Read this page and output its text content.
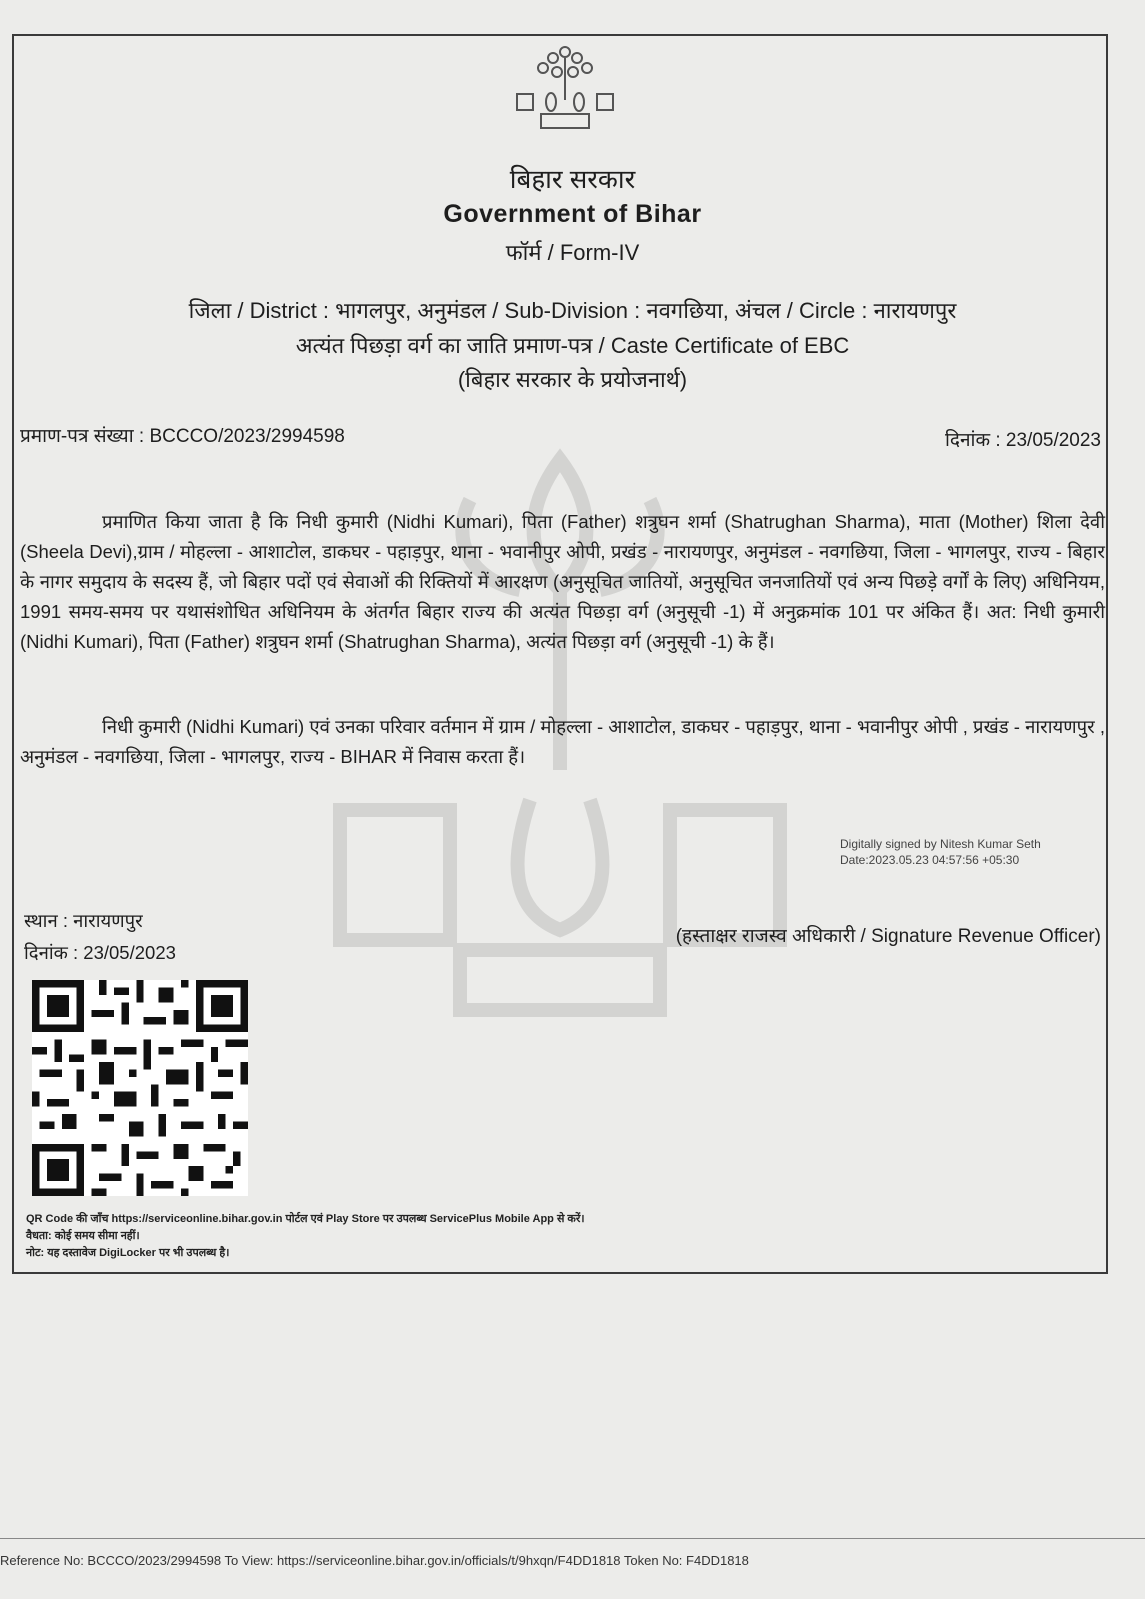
बिहार सरकार
Government of Bihar
फॉर्म / Form-IV
जिला / District : भागलपुर, अनुमंडल / Sub-Division : नवगछिया, अंचल / Circle : नारायणपुर
अत्यंत पिछड़ा वर्ग का जाति प्रमाण-पत्र / Caste Certificate of EBC
(बिहार सरकार के प्रयोजनार्थ)
प्रमाण-पत्र संख्या : BCCCO/2023/2994598	दिनांक : 23/05/2023
प्रमाणित किया जाता है कि निधी कुमारी (Nidhi Kumari), पिता (Father) शत्रुघन शर्मा (Shatrughan Sharma), माता (Mother) शिला देवी (Sheela Devi),ग्राम / मोहल्ला - आशाटोल, डाकघर - पहाड़पुर, थाना - भवानीपुर ओपी, प्रखंड - नारायणपुर, अनुमंडल - नवगछिया, जिला - भागलपुर, राज्य - बिहार के नागर समुदाय के सदस्य हैं, जो बिहार पदों एवं सेवाओं की रिक्तियों में आरक्षण (अनुसूचित जातियों, अनुसूचित जनजातियों एवं अन्य पिछड़े वर्गों के लिए) अधिनियम, 1991 समय-समय पर यथासंशोधित अधिनियम के अंतर्गत बिहार राज्य की अत्यंत पिछड़ा वर्ग (अनुसूची -1) में अनुक्रमांक 101 पर अंकित हैं। अत: निधी कुमारी (Nidhi Kumari), पिता (Father) शत्रुघन शर्मा (Shatrughan Sharma), अत्यंत पिछड़ा वर्ग (अनुसूची -1) के हैं।
निधी कुमारी (Nidhi Kumari) एवं उनका परिवार वर्तमान में ग्राम / मोहल्ला - आशाटोल, डाकघर - पहाड़पुर, थाना - भवानीपुर ओपी , प्रखंड - नारायणपुर , अनुमंडल - नवगछिया, जिला - भागलपुर, राज्य - BIHAR में निवास करता हैं।
Digitally signed by Nitesh Kumar Seth
Date:2023.05.23 04:57:56 +05:30
स्थान : नारायणपुर
दिनांक : 23/05/2023
(हस्ताक्षर राजस्व अधिकारी / Signature Revenue Officer)
QR Code की जाँच https://serviceonline.bihar.gov.in पोर्टल एवं Play Store पर उपलब्ध ServicePlus Mobile App से करें।
वैधता: कोई समय सीमा नहीं।
नोट: यह दस्तावेज DigiLocker पर भी उपलब्ध है।
Reference No: BCCCO/2023/2994598 To View: https://serviceonline.bihar.gov.in/officials/t/9hxqn/F4DD1818 Token No: F4DD1818
